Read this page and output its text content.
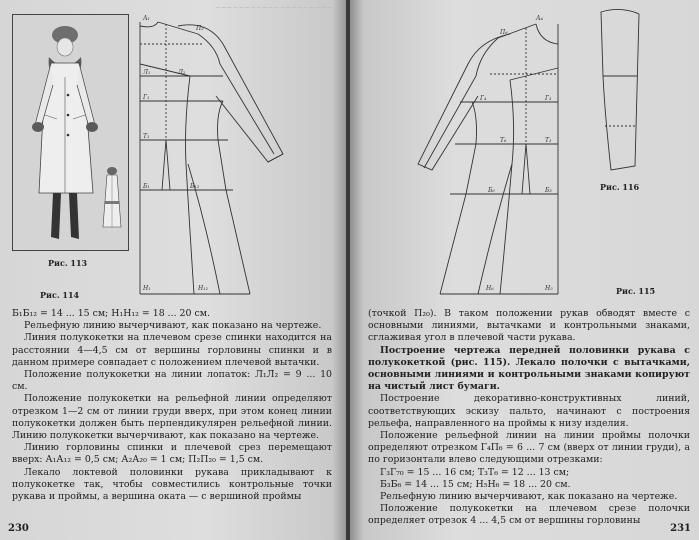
~~~~~~~~~~~~~~~~~~~~
Рис. 113
Рис. 114
А₁
П₂
Л₁	Л₂
Г₁
Т₁
Б₁	Б₁₂
Н₁	Н₁₂

Б₁Б₁₂ = 14 ... 15 см; Н₁Н₁₂ = 18 ... 20 см.

Рельефную линию вычерчивают, как показано на чертеже.

Линия полукокетки на плечевом срезе спинки находится на расстоянии 4—4,5 см от вершины горловины спинки и в данном примере совпадает с положением плечевой вытачки.

Положение полукокетки на линии лопаток: Л₁Л₂ = 9 ... 10 см.

Положение полукокетки на рельефной линии определяют отрезком 1—2 см от линии груди вверх, при этом конец линии полукокетки должен быть перпендикулярен рельефной линии. Линию полукокетки вычерчивают, как показано на чертеже.

Линию горловины спинки и плечевой срез перемещают вверх: А₁А₁₂ = 0,5 см; А₂А₂₀ = 1 см; П₂П₂₀ = 1,5 см.

Лекало локтевой половинки рукава прикладывают к полукокетке так, чтобы совместились контрольные точки рукава и проймы, а вершина оката — с вершиной проймы

230
А₄
П₆
Г₃
Г₄
Т₃
Т₆
Б₃
Б₆
Н₅
Н₆
Рис. 116
Рис. 115

(точкой П₂₀). В таком положении рукав обводят вместе с основными линиями, вытачками и контрольными знаками, сглаживая угол в плечевой части рукава.

Построение чертежа передней половинки рукава с полукокеткой (рис. 115). Лекало полочки с вытачками, основными линиями и контрольными знаками копируют на чистый лист бумаги.

Построение декоративно-конструктивных линий, соответствующих эскизу пальто, начинают с построения рельефа, направленного на проймы к низу изделия.

Положение рельефной линии на линии проймы полочки определяют отрезком Г₄П₆ = 6 ... 7 см (вверх от линии груди), а по горизонтали влево следующими отрезками:

Г₃Г₇₀ = 15 ... 16 см; Т₃Т₆ = 12 ... 13 см;

Б₃Б₆ = 14 ... 15 см; Н₅Н₆ = 18 ... 20 см.

Рельефную линию вычерчивают, как показано на чертеже.

Положение полукокетки на плечевом срезе полочки определяет отрезок 4 ... 4,5 см от вершины горловины

231
